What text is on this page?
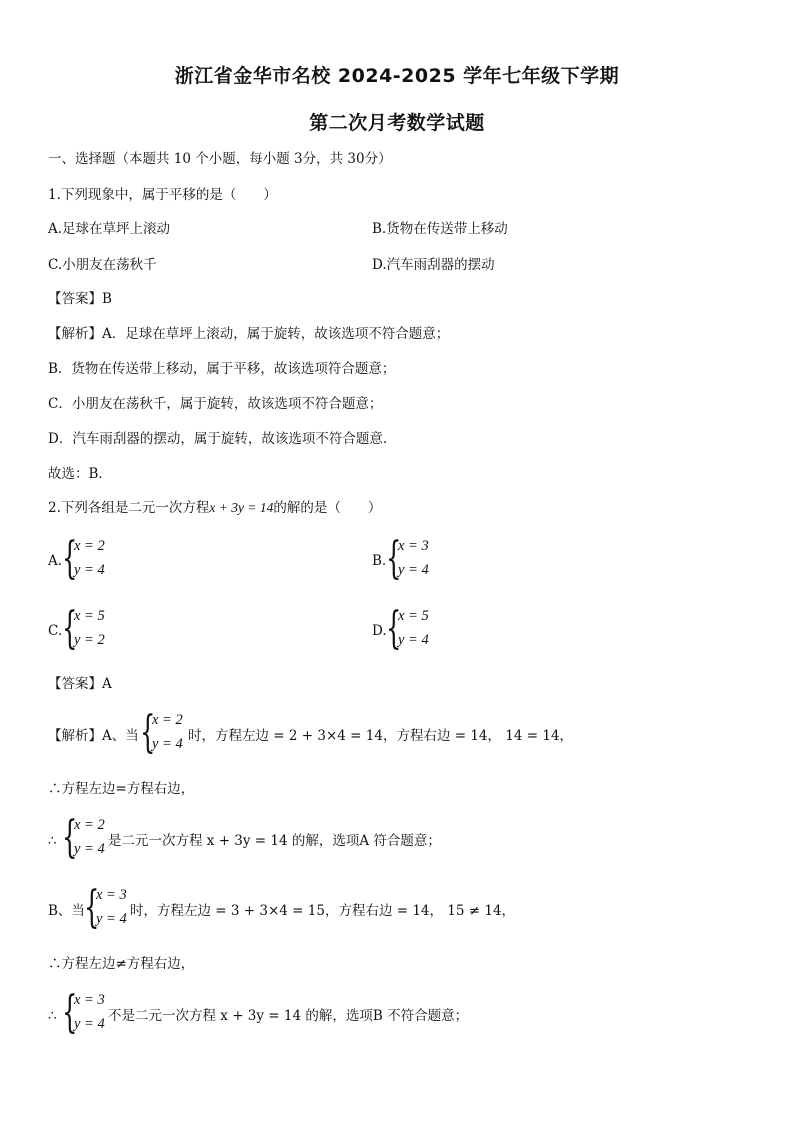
浙江省金华市名校 2024-2025 学年七年级下学期
第二次月考数学试题
一、选择题（本题共 10 个小题，每小题 3分，共 30分）
1.下列现象中，属于平移的是（　　）
A.足球在草坪上滚动	B.货物在传送带上移动
C.小朋友在荡秋千	D.汽车雨刮器的摆动
【答案】B
【解析】A．足球在草坪上滚动，属于旋转，故该选项不符合题意；
B．货物在传送带上移动，属于平移，故该选项符合题意；
C．小朋友在荡秋千，属于旋转，故该选项不符合题意；
D．汽车雨刮器的摆动，属于旋转，故该选项不符合题意.
故选：B．
2.下列各组是二元一次方程x + 3y = 14的解的是（　　）
A. {
x = 2
y = 4
B. {
x = 3
y = 4
C. {
x = 5
y = 2
D. {
x = 5
y = 4
【答案】A
【解析】A、当 {
x = 2
y = 4 时，方程左边 = 2 + 3×4 = 14，方程右边 = 14， 14 = 14，
∴方程左边=方程右边，
∴ {
x = 2
y = 4 是二元一次方程 x + 3y = 14 的解，选项A 符合题意；
B、当 {
x = 3
y = 4 时，方程左边 = 3 + 3×4 = 15，方程右边 = 14， 15 ≠ 14，
∴方程左边≠方程右边，
∴ {
x = 3
y = 4 不是二元一次方程 x + 3y = 14 的解，选项B 不符合题意；
